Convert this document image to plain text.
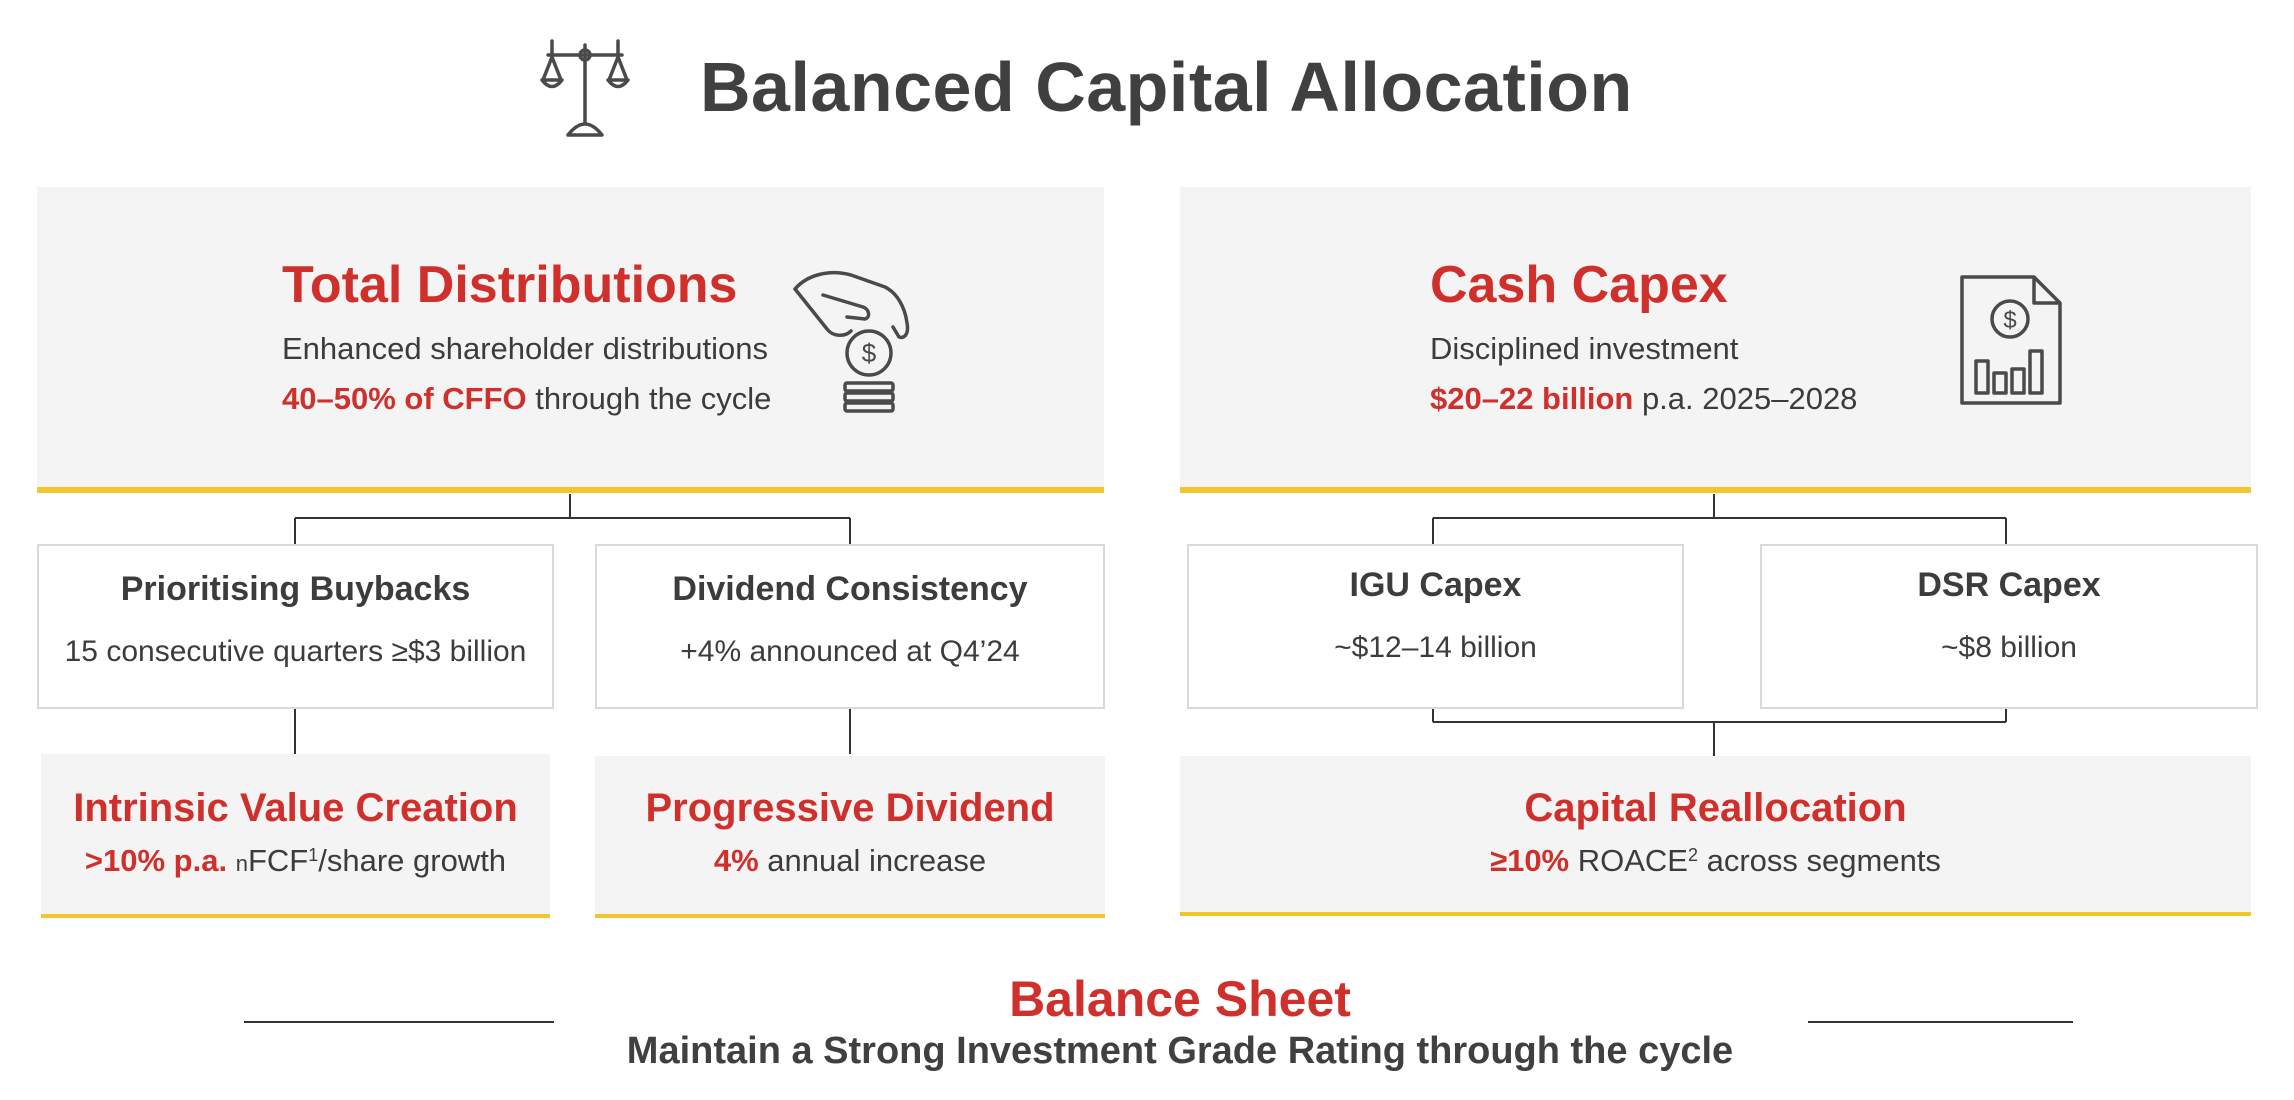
Balanced Capital Allocation
Total Distributions
Enhanced shareholder distributions
40–50% of CFFO through the cycle
$
Cash Capex
Disciplined investment
$20–22 billion p.a. 2025–2028
$
Prioritising Buybacks
15 consecutive quarters ≥$3 billion
Dividend Consistency
+4% announced at Q4’24
IGU Capex
~$12–14 billion
DSR Capex
~$8 billion
Intrinsic Value Creation
>10% p.a. nFCF$^1$/share growth
Progressive Dividend
4% annual increase
Capital Reallocation
≥10% ROACE$^2$ across segments
Balance Sheet
Maintain a Strong Investment Grade Rating through the cycle
